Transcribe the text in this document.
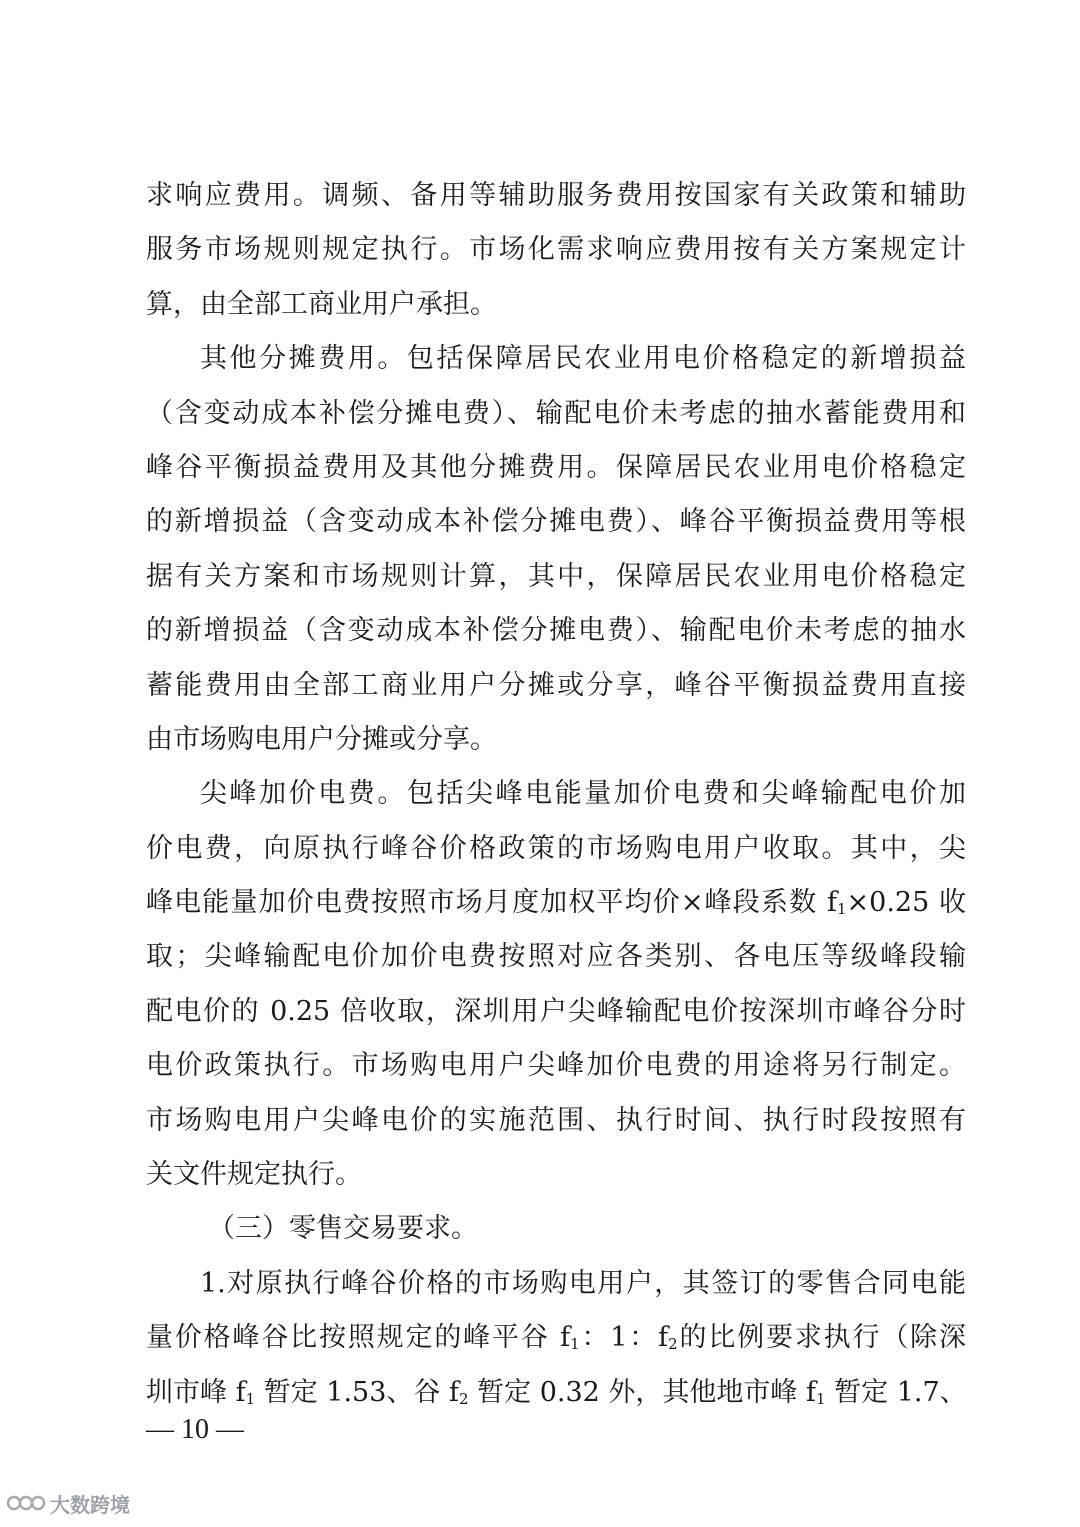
求响应费用。调频、备用等辅助服务费用按国家有关政策和辅助
服务市场规则规定执行。市场化需求响应费用按有关方案规定计
算，由全部工商业用户承担。
其他分摊费用。包括保障居民农业用电价格稳定的新增损益
（含变动成本补偿分摊电费）、输配电价未考虑的抽水蓄能费用和
峰谷平衡损益费用及其他分摊费用。保障居民农业用电价格稳定
的新增损益（含变动成本补偿分摊电费）、峰谷平衡损益费用等根
据有关方案和市场规则计算，其中，保障居民农业用电价格稳定
的新增损益（含变动成本补偿分摊电费）、输配电价未考虑的抽水
蓄能费用由全部工商业用户分摊或分享，峰谷平衡损益费用直接
由市场购电用户分摊或分享。
尖峰加价电费。包括尖峰电能量加价电费和尖峰输配电价加
价电费，向原执行峰谷价格政策的市场购电用户收取。其中，尖
峰电能量加价电费按照市场月度加权平均价×峰段系数 $f_1\times 0.25$ 收
取；尖峰输配电价加价电费按照对应各类别、各电压等级峰段输
配电价的 0.25 倍收取，深圳用户尖峰输配电价按深圳市峰谷分时
电价政策执行。市场购电用户尖峰加价电费的用途将另行制定。
市场购电用户尖峰电价的实施范围、执行时间、执行时段按照有
关文件规定执行。
（三）零售交易要求。
1.对原执行峰谷价格的市场购电用户，其签订的零售合同电能
量价格峰谷比按照规定的峰平谷 $f_1$：1：$f_2$的比例要求执行（除深
圳市峰 $f_1$ 暂定 1.53、谷 $f_2$ 暂定 0.32 外，其他地市峰 $f_1$ 暂定 1.7、
— 10 —
大数跨境
